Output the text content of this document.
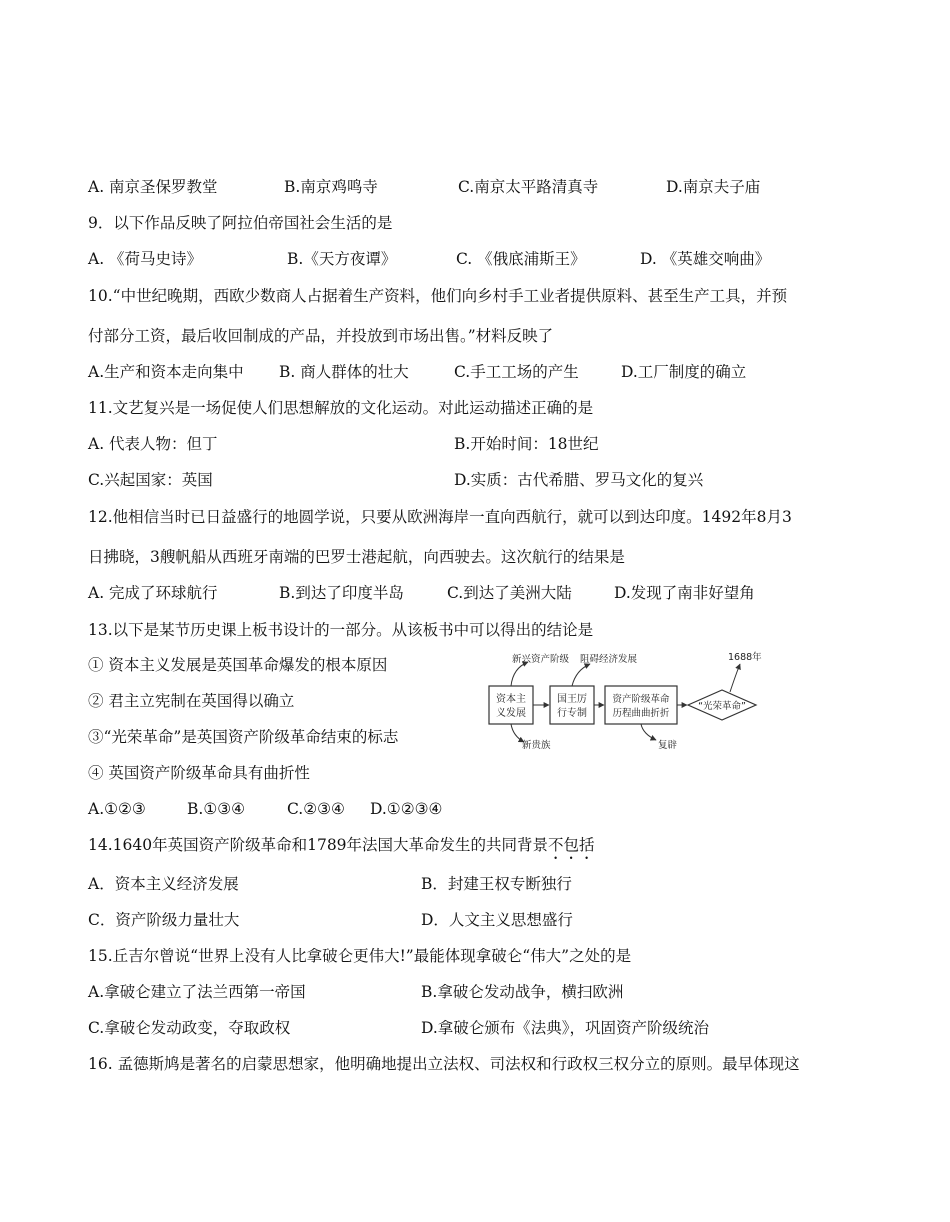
A. 南京圣保罗教堂	B.南京鸡鸣寺	C.南京太平路清真寺	D.南京夫子庙
9．以下作品反映了阿拉伯帝国社会生活的是
A. 《荷马史诗》	B.《天方夜谭》	C. 《俄底浦斯王》	D. 《英雄交响曲》
10.“中世纪晚期，西欧少数商人占据着生产资料，他们向乡村手工业者提供原料、甚至生产工具，并预
付部分工资，最后收回制成的产品，并投放到市场出售。”材料反映了
A.生产和资本走向集中 B. 商人群体的壮大	C.手工工场的产生	D.工厂制度的确立
11.文艺复兴是一场促使人们思想解放的文化运动。对此运动描述正确的是
A. 代表人物：但丁	B.开始时间：18世纪
C.兴起国家：英国	D.实质：古代希腊、罗马文化的复兴
12.他相信当时已日益盛行的地圆学说，只要从欧洲海岸一直向西航行，就可以到达印度。1492年8月3
日拂晓，3艘帆船从西班牙南端的巴罗士港起航，向西驶去。这次航行的结果是
A. 完成了环球航行	B.到达了印度半岛	C.到达了美洲大陆	D.发现了南非好望角
13.以下是某节历史课上板书设计的一部分。从该板书中可以得出的结论是
① 资本主义发展是英国革命爆发的根本原因
② 君主立宪制在英国得以确立
③“光荣革命”是英国资产阶级革命结束的标志
④ 英国资产阶级革命具有曲折性
A.①②③	B.①③④	C.②③④ D.①②③④
资本主
义发展
国王厉
行专制
资产阶级革命
历程曲曲折折
“光荣革命”
新兴资产阶级 阻碍经济发展
新贵族	复辟
1688年
14.1640年英国资产阶级革命和1789年法国大革命发生的共同背景不包括
A．资本主义经济发展	B．封建王权专断独行
C．资产阶级力量壮大	D．人文主义思想盛行
15.丘吉尔曾说“世界上没有人比拿破仑更伟大!”最能体现拿破仑“伟大”之处的是
A.拿破仑建立了法兰西第一帝国	B.拿破仑发动战争，横扫欧洲
C.拿破仑发动政变，夺取政权	D.拿破仑颁布《法典》，巩固资产阶级统治
16. 孟德斯鸠是著名的启蒙思想家，他明确地提出立法权、司法权和行政权三权分立的原则。最早体现这
